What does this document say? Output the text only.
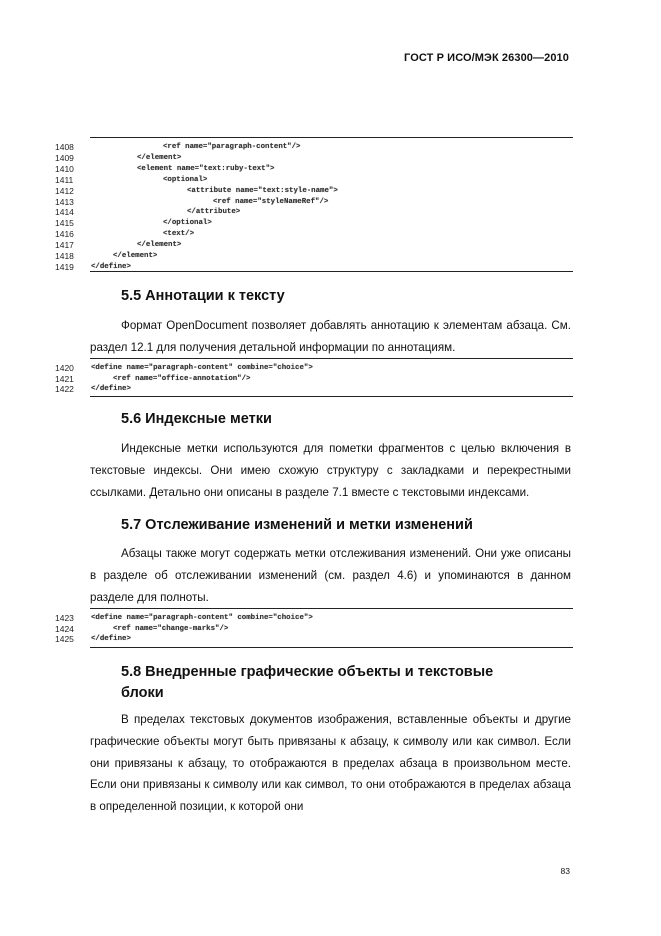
ГОСТ Р ИСО/МЭК 26300—2010
1408	<ref name="paragraph-content"/>
1409	</element>
1410	<element name="text:ruby-text">
1411	<optional>
1412	<attribute name="text:style-name">
1413	<ref name="styleNameRef"/>
1414	</attribute>
1415	</optional>
1416	<text/>
1417	</element>
1418	</element>
1419 </define>
5.5 Аннотации к тексту

Формат OpenDocument позволяет добавлять аннотацию к элементам абзаца. См. раздел 12.1 для получения детальной информации по аннотациям.

1420 <define name="paragraph-content" combine="choice">
1421	<ref name="office-annotation"/>
1422 </define>
5.6 Индексные метки

Индексные метки используются для пометки фрагментов с целью включения в текстовые индексы. Они имею схожую структуру с закладками и перекрестными ссылками. Детально они описаны в разделе 7.1 вместе с текстовыми индексами.

5.7 Отслеживание изменений и метки изменений

Абзацы также могут содержать метки отслеживания изменений. Они уже описаны в разделе об отслеживании изменений (см. раздел 4.6) и упоминаются в данном разделе для полноты.

1423 <define name="paragraph-content" combine="choice">
1424	<ref name="change-marks"/>
1425 </define>
5.8 Внедренные графические объекты и текстовые
блоки

В пределах текстовых документов изображения, вставленные объекты и другие графические объекты могут быть привязаны к абзацу, к символу или как символ. Если они привязаны к абзацу, то отображаются в пределах абзаца в произвольном месте. Если они привязаны к символу или как символ, то они отображаются в пределах абзаца в определенной позиции, к которой они

83
